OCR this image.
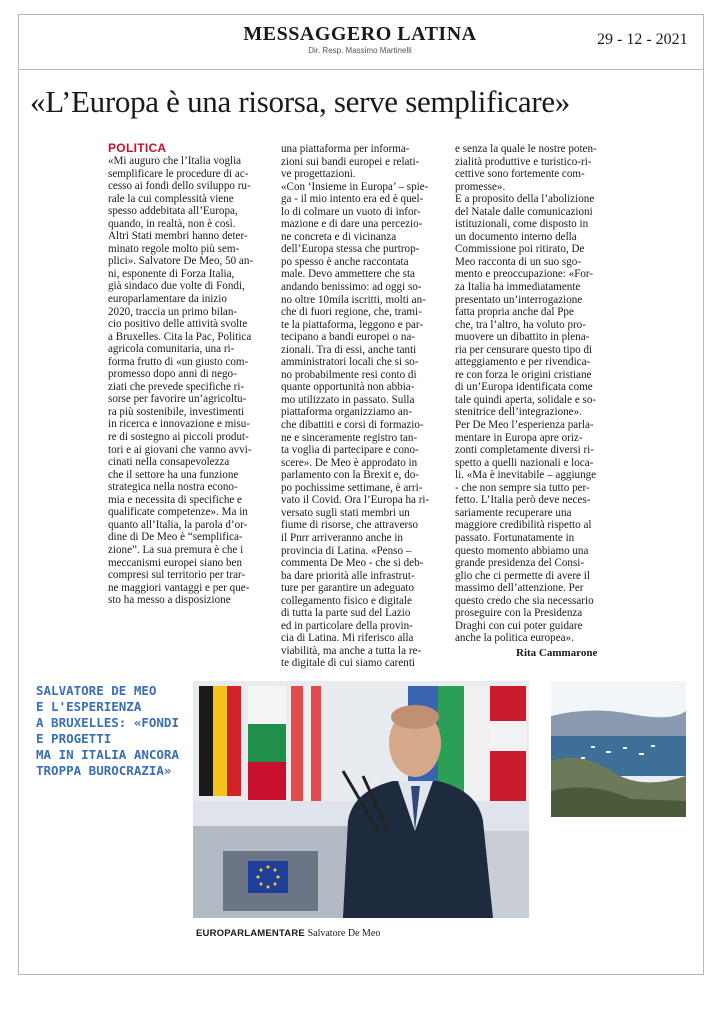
MESSAGGERO LATINA
Dir. Resp. Massimo Martinelli
29 - 12 - 2021
«L’Europa è una risorsa, serve semplificare»
POLITICA
«Mi auguro che l’Italia voglia
semplificare le procedure di ac-
cesso ai fondi dello sviluppo ru-
rale la cui complessità viene
spesso addebitata all’Europa,
quando, in realtà, non è così.
Altri Stati membri hanno deter-
minato regole molto più sem-
plici». Salvatore De Meo, 50 an-
ni, esponente di Forza Italia,
già sindaco due volte di Fondi,
europarlamentare da inizio
2020, traccia un primo bilan-
cio positivo delle attività svolte
a Bruxelles. Cita la Pac, Politica
agricola comunitaria, una ri-
forma frutto di «un giusto com-
promesso dopo anni di nego-
ziati che prevede specifiche ri-
sorse per favorire un’agricoltu-
ra più sostenibile, investimenti
in ricerca e innovazione e misu-
re di sostegno ai piccoli produt-
tori e ai giovani che vanno avvi-
cinati nella consapevolezza
che il settore ha una funzione
strategica nella nostra econo-
mia e necessita di specifiche e
qualificate competenze». Ma in
quanto all’Italia, la parola d’or-
dine di De Meo è “semplifica-
zione”. La sua premura è che i
meccanismi europei siano ben
compresi sul territorio per trar-
ne maggiori vantaggi e per que-
sto ha messo a disposizione
una piattaforma per informa-
zioni sui bandi europei e relati-
ve progettazioni.
«Con ‘Insieme in Europa’ – spie-
ga - il mio intento era ed è quel-
lo di colmare un vuoto di infor-
mazione e di dare una percezio-
ne concreta e di vicinanza
dell’Europa stessa che purtrop-
po spesso è anche raccontata
male. Devo ammettere che sta
andando benissimo: ad oggi so-
no oltre 10mila iscritti, molti an-
che di fuori regione, che, trami-
te la piattaforma, leggono e par-
tecipano a bandi europei o na-
zionali. Tra di essi, anche tanti
amministratori locali che si so-
no probabilmente resi conto di
quante opportunità non abbia-
mo utilizzato in passato. Sulla
piattaforma organizziamo an-
che dibattiti e corsi di formazio-
ne e sinceramente registro tan-
ta voglia di partecipare e cono-
scere». De Meo è approdato in
parlamento con la Brexit e, do-
po pochissime settimane, è arri-
vato il Covid. Ora l’Europa ha ri-
versato sugli stati membri un
fiume di risorse, che attraverso
il Pnrr arriveranno anche in
provincia di Latina. «Penso –
commenta De Meo - che si deb-
ba dare priorità alle infrastrut-
ture per garantire un adeguato
collegamento fisico e digitale
di tutta la parte sud del Lazio
ed in particolare della provin-
cia di Latina. Mi riferisco alla
viabilità, ma anche a tutta la re-
te digitale di cui siamo carenti
e senza la quale le nostre poten-
zialità produttive e turistico-ri-
cettive sono fortemente com-
promesse».
E a proposito della l’abolizione
del Natale dalle comunicazioni
istituzionali, come disposto in
un documento interno della
Commissione poi ritirato, De
Meo racconta di un suo sgo-
mento e preoccupazione: «For-
za Italia ha immediatamente
presentato un’interrogazione
fatta propria anche dal Ppe
che, tra l’altro, ha voluto pro-
muovere un dibattito in plena-
ria per censurare questo tipo di
atteggiamento e per rivendica-
re con forza le origini cristiane
di un’Europa identificata come
tale quindi aperta, solidale e so-
stenitrice dell’integrazione».
Per De Meo l’esperienza parla-
mentare in Europa apre oriz-
zonti completamente diversi ri-
spetto a quelli nazionali e loca-
li. «Ma è inevitabile – aggiunge
- che non sempre sia tutto per-
fetto. L’Italia però deve neces-
sariamente recuperare una
maggiore credibilità rispetto al
passato. Fortunatamente in
questo momento abbiamo una
grande presidenza del Consi-
glio che ci permette di avere il
massimo dell’attenzione. Per
questo credo che sia necessario
proseguire con la Presidenza
Draghi con cui poter guidare
anche la politica europea».
Rita Cammarone
SALVATORE DE MEO
E L'ESPERIENZA
A BRUXELLES: «FONDI
E PROGETTI
MA IN ITALIA ANCORA
TROPPA BUROCRAZIA»
EUROPARLAMENTARE Salvatore De Meo
